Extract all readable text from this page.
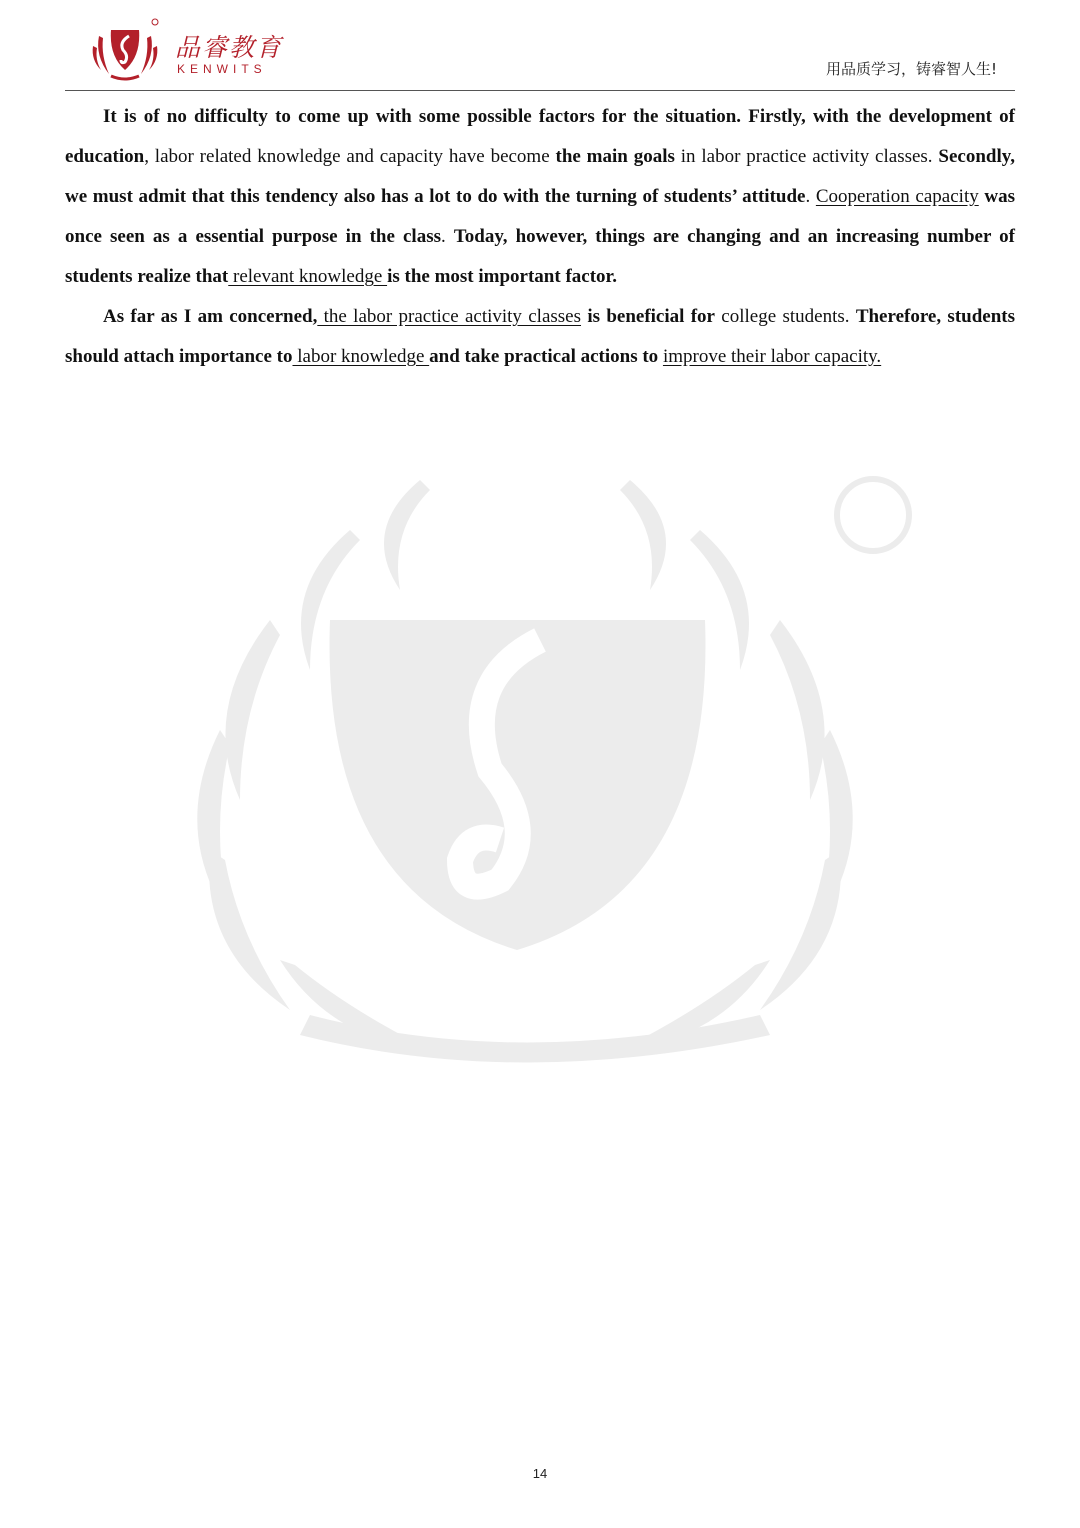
品睿教育
KENWITS	用品质学习，铸睿智人生!

It is of no difficulty to come up with some possible factors for the situation. Firstly, with the development of education, labor related knowledge and capacity have become the main goals in labor practice activity classes. Secondly, we must admit that this tendency also has a lot to do with the turning of students’ attitude. Cooperation capacity was once seen as a essential purpose in the class. Today, however, things are changing and an increasing number of students realize that relevant knowledge is the most important factor.

As far as I am concerned, the labor practice activity classes is beneficial for college students. Therefore, students should attach importance to labor knowledge and take practical actions to improve their labor capacity.

14
